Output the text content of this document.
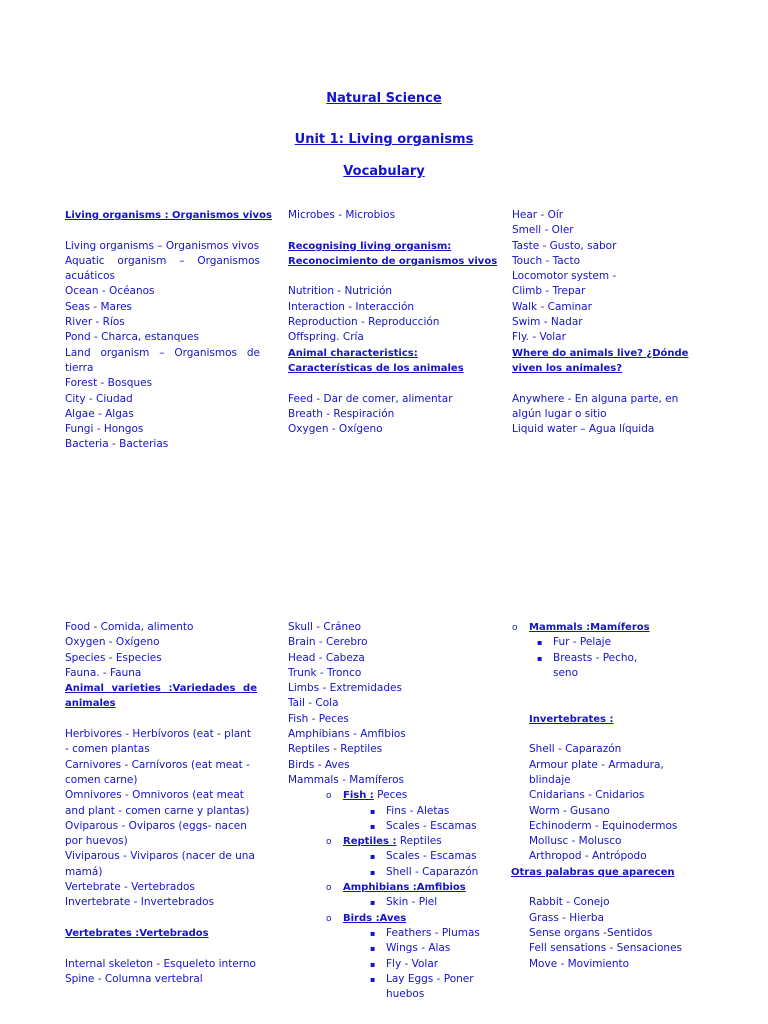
Natural Science
Unit 1: Living organisms
Vocabulary
Living organisms : Organismos vivos
Living organisms – Organismos vivos
Aquatic organism – Organismos acuáticos
Ocean - Océanos
Seas - Mares
River - Ríos
Pond - Charca, estanques
Land organism – Organismos de tierra
Forest - Bosques
City - Ciudad
Algae - Algas
Fungi - Hongos
Bacteria - Bacterias
Microbes - Microbios
Recognising living organism:
Reconocimiento de organismos vivos
Nutrition - Nutrición
Interaction - Interacción
Reproduction - Reproducción
Offspring. Cría
Animal characteristics:
Características de los animales
Feed - Dar de comer, alimentar
Breath - Respiración
Oxygen - Oxígeno
Hear - Oír
Smell - Oler
Taste - Gusto, sabor
Touch - Tacto
Locomotor system -
Climb - Trepar
Walk - Caminar
Swim - Nadar
Fly. - Volar
Where do animals live? ¿Dónde
viven los animales?
Anywhere - En alguna parte, en algún lugar o sitio
Liquid water – Agua líquida
Food - Comida, alimento
Oxygen - Oxígeno
Species - Especies
Fauna. - Fauna
Animal varieties :Variedades de animales
Herbivores - Herbívoros (eat - plant - comen plantas
Carnivores - Carnívoros (eat meat - comen carne)
Omnivores - Omnivoros (eat meat and plant - comen carne y plantas)
Oviparous - Oviparos (eggs- nacen por huevos)
Viviparous - Viviparos (nacer de una mamá)
Vertebrate - Vertebrados
Invertebrate - Invertebrados
Vertebrates :Vertebrados
Internal skeleton - Esqueleto interno
Spine - Columna vertebral
Skull - Cráneo
Brain - Cerebro
Head - Cabeza
Trunk - Tronco
Limbs - Extremidades
Tail - Cola
Fish - Peces
Amphibians - Amfibios
Reptiles - Reptiles
Birds - Aves
Mammals - Mamíferos
o Fish : Peces
▪ Fins - Aletas
▪ Scales - Escamas
o Reptiles : Reptiles
▪ Scales - Escamas
▪ Shell - Caparazón
o Amphibians :Amfibios
▪ Skin - Piel
o Birds :Aves
▪ Feathers - Plumas
▪ Wings - Alas
▪ Fly - Volar
▪ Lay Eggs - Poner huebos
o Mammals :Mamíferos
▪ Fur - Pelaje
▪ Breasts - Pecho, seno
Invertebrates :
Shell - Caparazón
Armour plate - Armadura, blindaje
Cnidarians - Cnidarios
Worm - Gusano
Echinoderm - Equinodermos
Mollusc - Molusco
Arthropod - Antrópodo
Otras palabras que aparecen
Rabbit - Conejo
Grass - Hierba
Sense organs -Sentidos
Fell sensations - Sensaciones
Move - Movimiento
